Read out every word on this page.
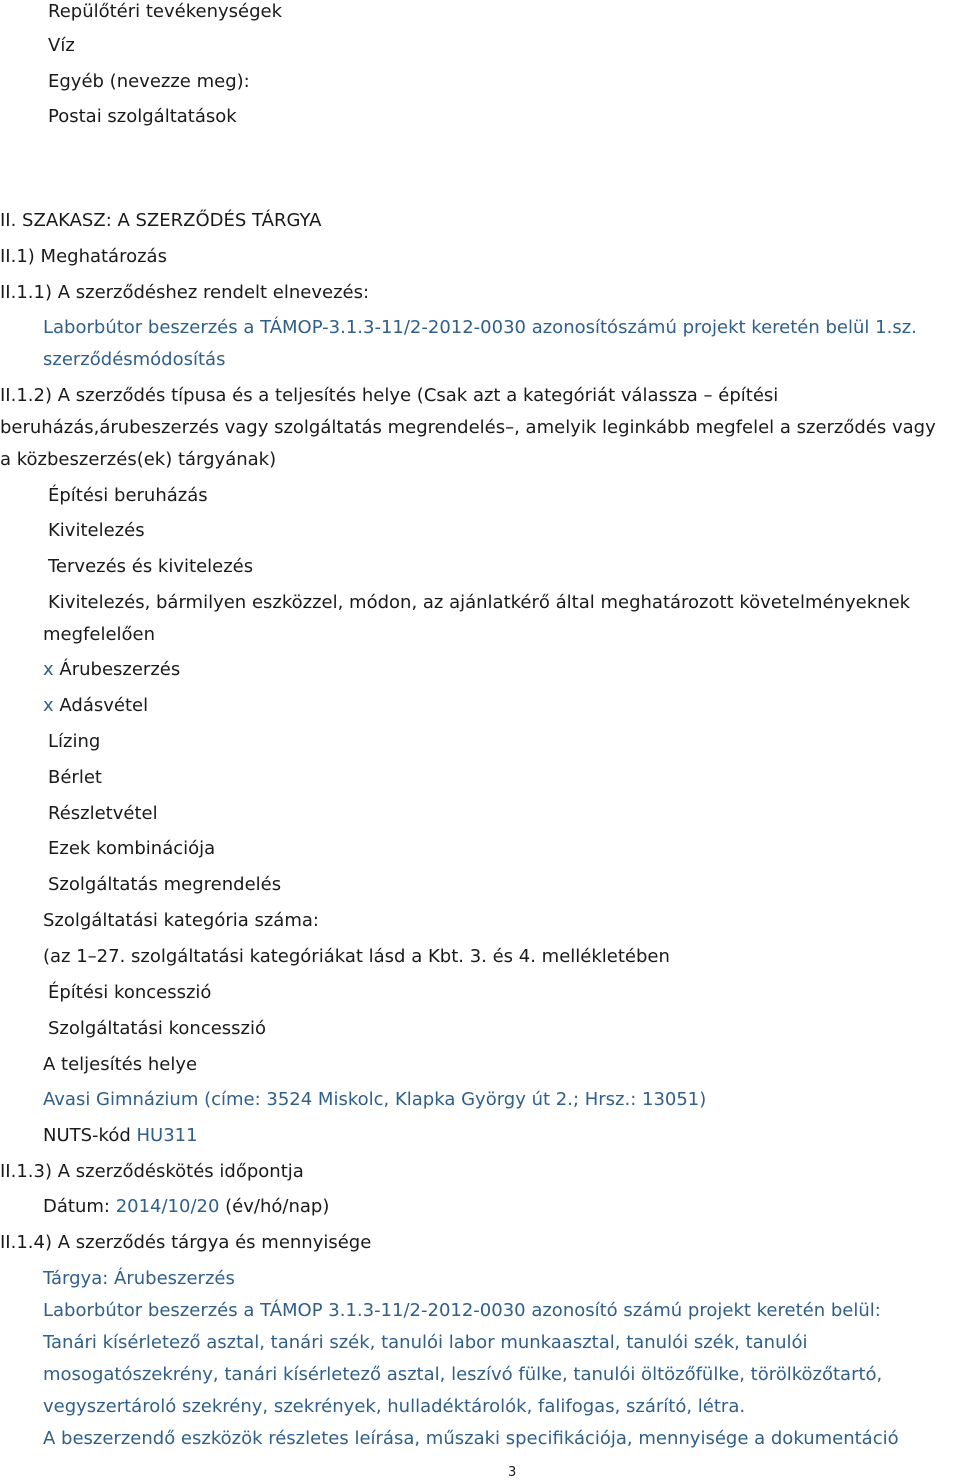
Repülőtéri tevékenységek
Víz
Egyéb (nevezze meg):
Postai szolgáltatások
II. SZAKASZ: A SZERZŐDÉS TÁRGYA
II.1) Meghatározás
II.1.1) A szerződéshez rendelt elnevezés:
Laborbútor beszerzés a TÁMOP-3.1.3-11/2-2012-0030 azonosítószámú projekt keretén belül 1.sz.
szerződésmódosítás
II.1.2) A szerződés típusa és a teljesítés helye (Csak azt a kategóriát válassza – építési
beruházás,árubeszerzés vagy szolgáltatás megrendelés–, amelyik leginkább megfelel a szerződés vagy
a közbeszerzés(ek) tárgyának)
Építési beruházás
Kivitelezés
Tervezés és kivitelezés
Kivitelezés, bármilyen eszközzel, módon, az ajánlatkérő által meghatározott követelményeknek
megfelelően
x Árubeszerzés
x Adásvétel
Lízing
Bérlet
Részletvétel
Ezek kombinációja
Szolgáltatás megrendelés
Szolgáltatási kategória száma:
(az 1–27. szolgáltatási kategóriákat lásd a Kbt. 3. és 4. mellékletében
Építési koncesszió
Szolgáltatási koncesszió
A teljesítés helye
Avasi Gimnázium (címe: 3524 Miskolc, Klapka György út 2.; Hrsz.: 13051)
NUTS-kód HU311
II.1.3) A szerződéskötés időpontja
Dátum: 2014/10/20 (év/hó/nap)
II.1.4) A szerződés tárgya és mennyisége
Tárgya: Árubeszerzés
Laborbútor beszerzés a TÁMOP 3.1.3-11/2-2012-0030 azonosító számú projekt keretén belül:
Tanári kísérletező asztal, tanári szék, tanulói labor munkaasztal, tanulói szék, tanulói
mosogatószekrény, tanári kísérletező asztal, leszívó fülke, tanulói öltözőfülke, törölközőtartó,
vegyszertároló szekrény, szekrények, hulladéktárolók, falifogas, szárító, létra.
A beszerzendő eszközök részletes leírása, műszaki specifikációja, mennyisége a dokumentáció
3
